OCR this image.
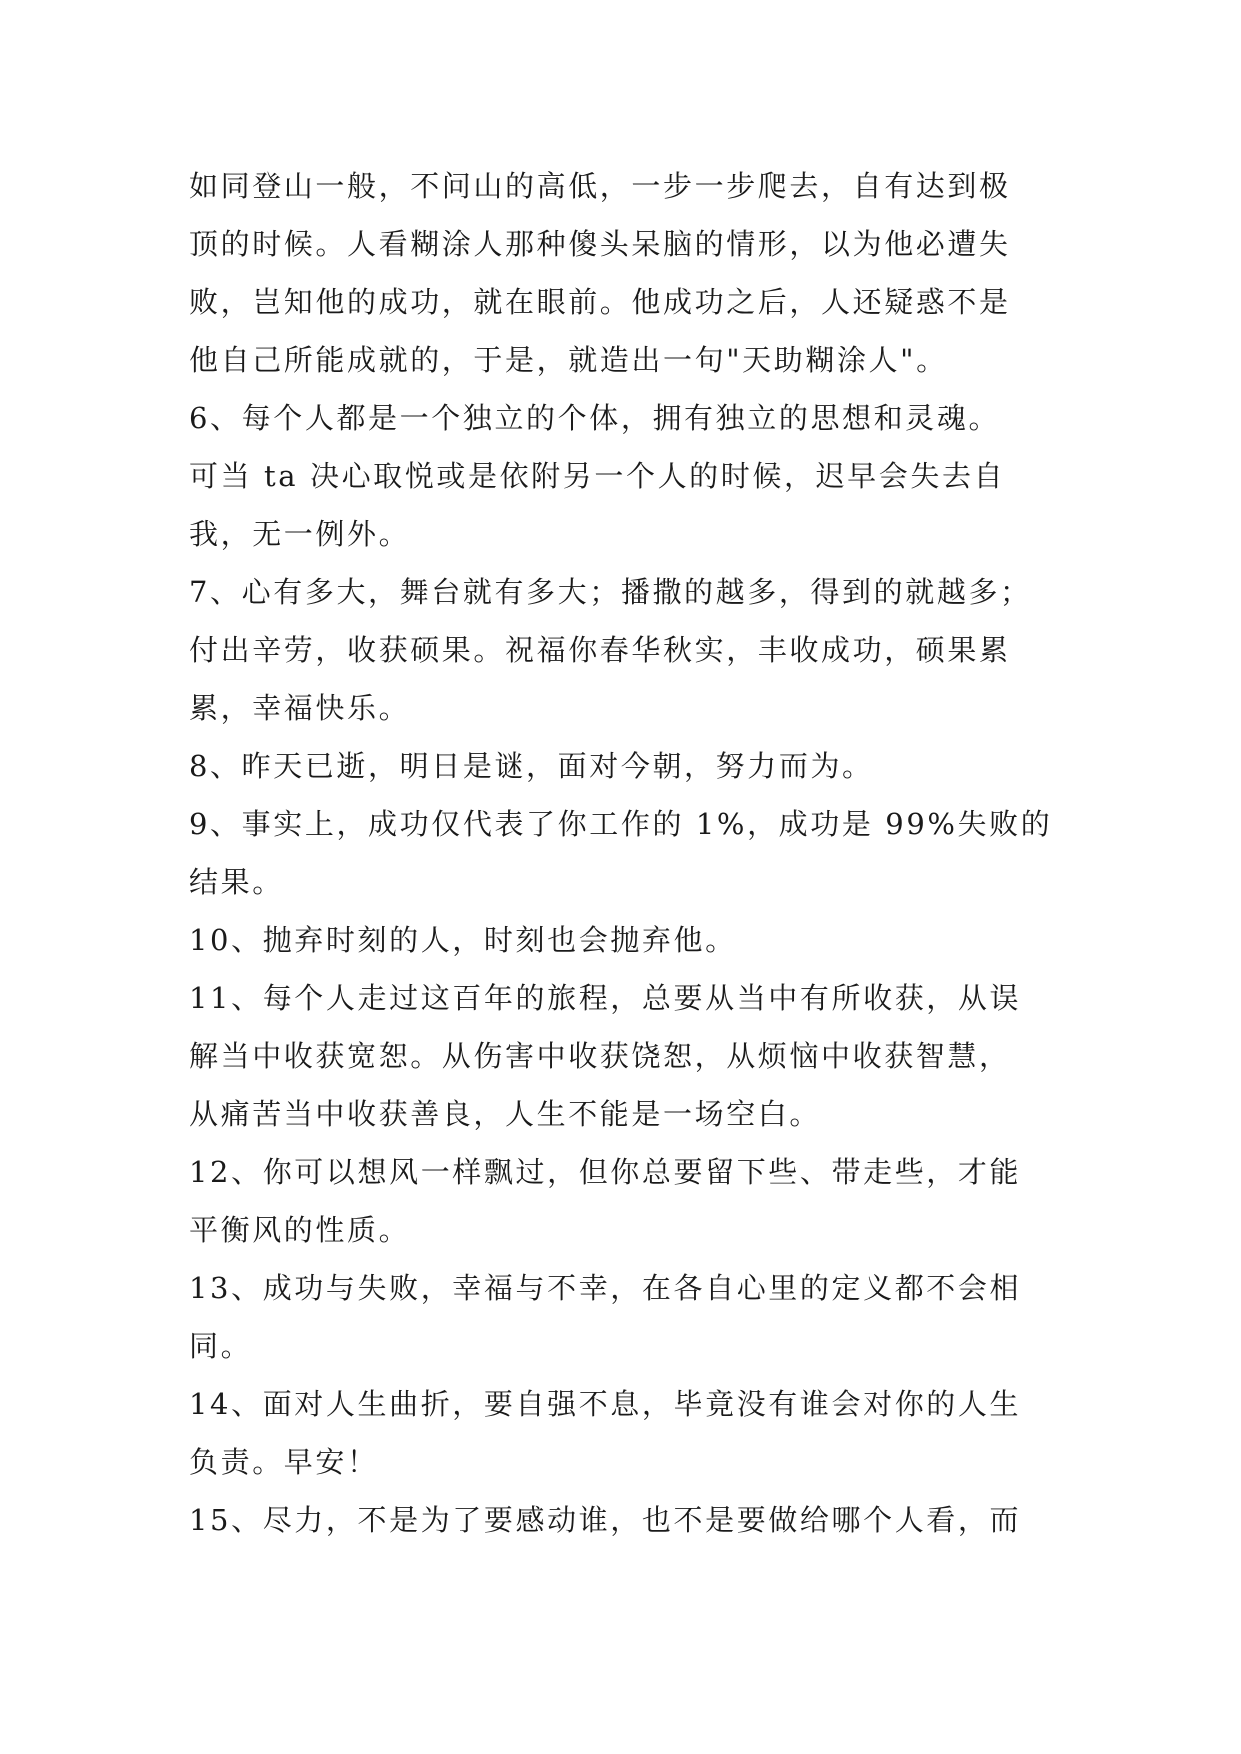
如同登山一般，不问山的高低，一步一步爬去，自有达到极
顶的时候。人看糊涂人那种傻头呆脑的情形，以为他必遭失
败，岂知他的成功，就在眼前。他成功之后，人还疑惑不是
他自己所能成就的，于是，就造出一句"天助糊涂人"。
6、每个人都是一个独立的个体，拥有独立的思想和灵魂。
可当 ta 决心取悦或是依附另一个人的时候，迟早会失去自
我，无一例外。
7、心有多大，舞台就有多大；播撒的越多，得到的就越多；
付出辛劳，收获硕果。祝福你春华秋实，丰收成功，硕果累
累，幸福快乐。
8、昨天已逝，明日是谜，面对今朝，努力而为。
9、事实上，成功仅代表了你工作的 1%，成功是 99%失败的
结果。
10、抛弃时刻的人，时刻也会抛弃他。
11、每个人走过这百年的旅程，总要从当中有所收获，从误
解当中收获宽恕。从伤害中收获饶恕，从烦恼中收获智慧，
从痛苦当中收获善良，人生不能是一场空白。
12、你可以想风一样飘过，但你总要留下些、带走些，才能
平衡风的性质。
13、成功与失败，幸福与不幸，在各自心里的定义都不会相
同。
14、面对人生曲折，要自强不息，毕竟没有谁会对你的人生
负责。早安！
15、尽力，不是为了要感动谁，也不是要做给哪个人看，而
